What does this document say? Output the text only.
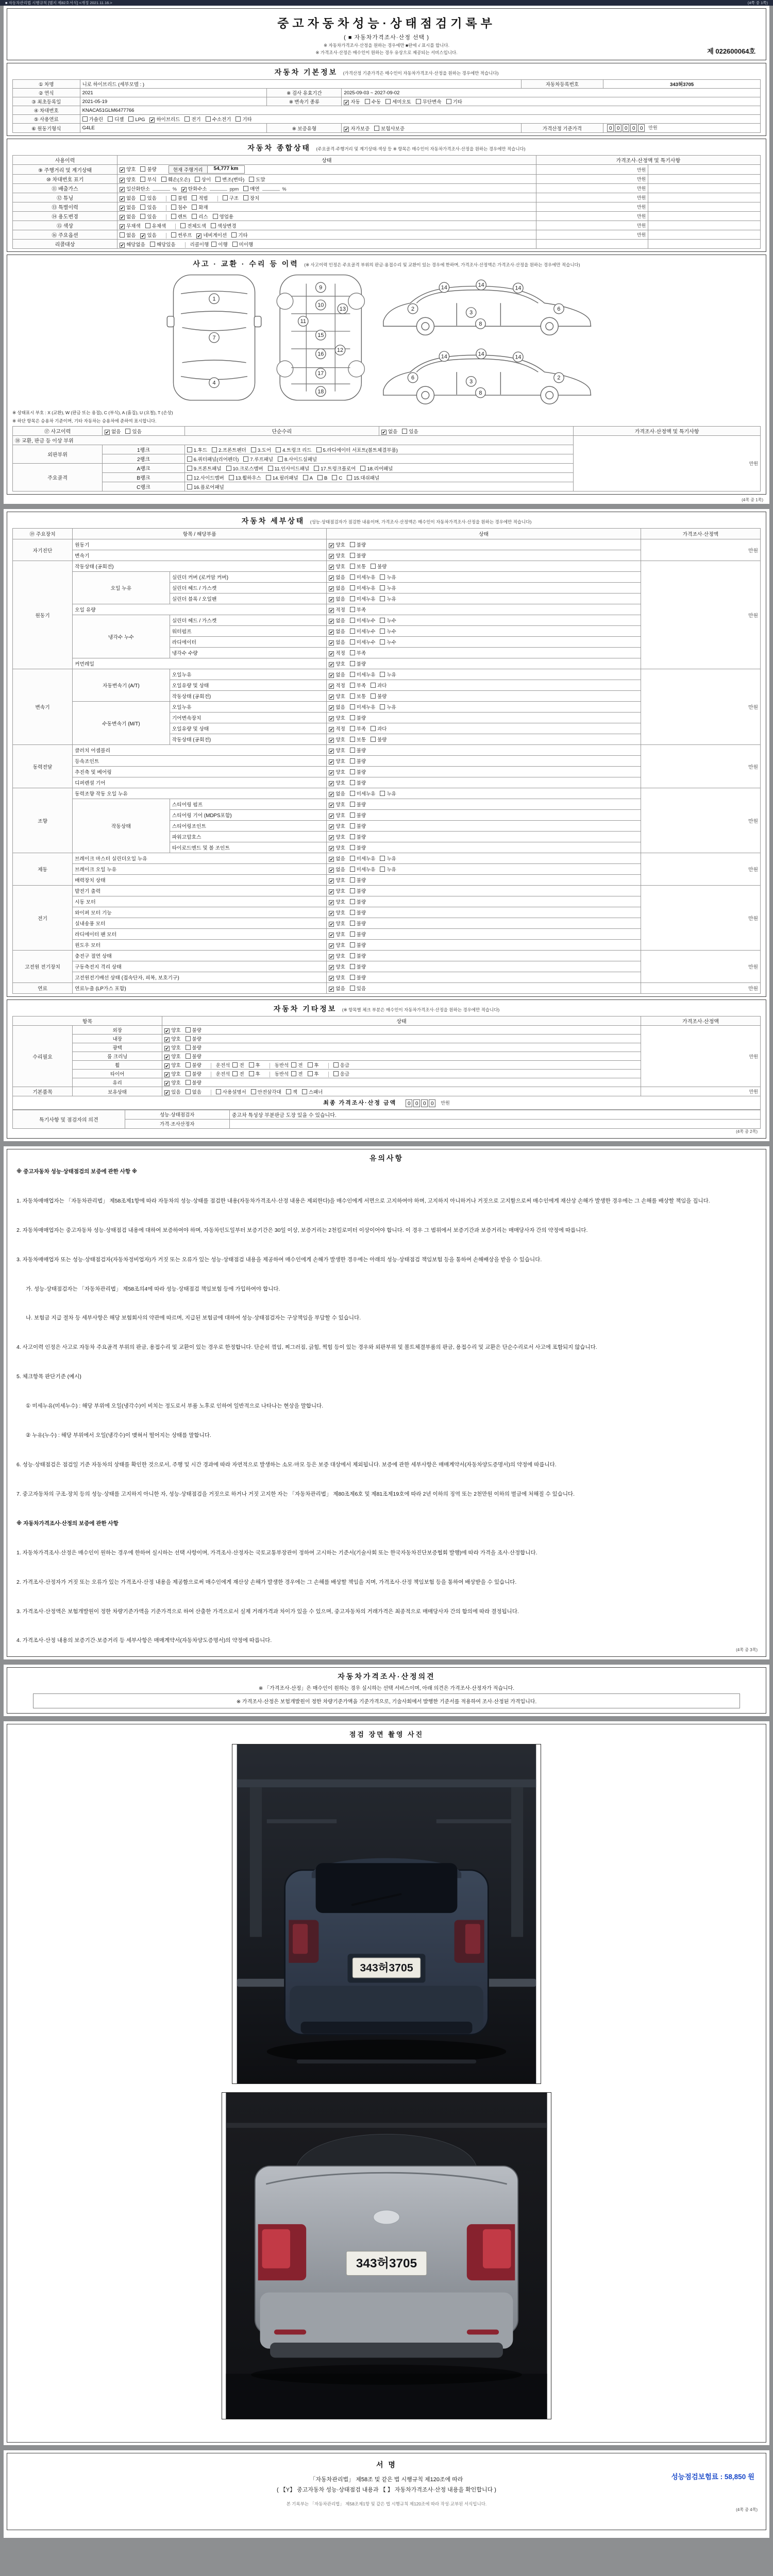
■ 자동차관리법 시행규칙 [별지 제82호서식] <개정 2021.11.16.>	(4쪽 중 1쪽)
중고자동차성능·상태점검기록부
( ■ 자동차가격조사·산정 선택 )
※ 자동차가격조사·산정을 원하는 경우에만 ■란에 √ 표시를 합니다.
※ 가격조사·산정은 매수인이 원하는 경우 유상으로 제공되는 서비스입니다.	제 022600064호
자동차 기본정보 (가격산정 기준가격은 매수인이 자동차가격조사·산정을 원하는 경우에만 적습니다)
① 차명	니로 하이브리드 (세부모델 : )			자동차등록번호	343허3705
② 연식	2021	※ 검사 유효기간	2025-09-03 ~ 2027-09-02		
③ 최초등록일	2021-05-19	※ 변속기 종류	✔ 자동 수동 세미오토 무단변속 기타		
④ 차대번호	KNACA51GLM6477766				
⑤ 사용연료	가솔린 디젤 LPG ✔ 하이브리드 전기 수소전기 기타				
⑥ 원동기형식	G4LE	※ 보증유형	✔ 자가보증 보험사보증	가격산정 기준가격	0 0 0 0 0 만원
자동차 종합상태 (주요골격·주행거리 및 계기상태·색상 등 ※ 항목은 매수인이 자동차가격조사·산정을 원하는 경우에만 적습니다)
사용이력	상태	가격조사·산정액 및 특기사항	
⑨ 주행거리 및 계기상태	✔ 양호 불량 현재 주행거리 54,777 km	만원	
⑩ 차대번호 표기	✔ 양호 부식 훼손(오손) 상이 변조(변타) 도말	만원	
⑪ 배출가스	✔ 일산화탄소 % ✔ 탄화수소 ppm 매연 %	만원	
⑫ 튜닝	✔ 없음 있음 불법 적법 구조 장치	만원	
⑬ 특별이력	✔ 없음 있음 침수 화재	만원	
⑭ 용도변경	✔ 없음 있음 렌트 리스 영업용	만원	
⑮ 색상	✔ 무채색 유채색 전체도색 색상변경	만원	
⑯ 주요옵션	없음 ✔ 있음 썬루프 ✔ 네비게이션 기타	만원	
리콜대상	✔ 해당없음 해당있음 리콜이행 이행 미이행		
사고 · 교환 · 수리 등 이력 (※ 사고이력 인정은 주요골격 부위의 판금·용접수리 및 교환이 있는 경우에 한하며, 가격조사·산정액은 가격조사·산정을 원하는 경우에만 적습니다)
1
7
4
9
10
11
13
15
16
12
17
18
2
14	14
14
3
6
8
6
14	14
14
3
2
8
※ 상태표시 부호 : X (교환), W (판금 또는 용접), C (부식), A (흠집), U (요철), T (손상)
※ 하단 항목은 승용차 기준이며, 기타 자동차는 승용차에 준하여 표시합니다.
⑰ 사고이력	✔ 없음 있음	단순수리	✔ 없음 있음	가격조사·산정액 및 특기사항
⑱ 교환, 판금 등 이상 부위				만원
외판부위	1랭크	1.후드 2.프론트펜더 3.도어 4.트렁크 리드 5.라디에이터 서포트(볼트체결부품)		
	2랭크	6.쿼터패널(리어펜더) 7.루프패널 8.사이드실패널		
주요골격	A랭크	9.프론트패널 10.크로스멤버 11.인사이드패널 17.트렁크플로어 18.리어패널		
	B랭크	12.사이드멤버 13.휠하우스 14.필러패널 A B C 15.대쉬패널		
	C랭크	16.플로어패널		
(4쪽 중 1쪽)
자동차 세부상태 (성능·상태점검자가 점검한 내용이며, 가격조사·산정액은 매수인이 자동차가격조사·산정을 원하는 경우에만 적습니다)
⑲ 주요장치	항목 / 해당부품		상태	가격조사·산정액
자기진단	원동기		✔ 양호 불량	만원
	변속기		✔ 양호 불량	
원동기	작동상태 (공회전)		✔ 양호 보통 불량	만원
	오일 누유	실린더 커버 (로커암 커버)	✔ 없음 미세누유 누유	
		실린더 헤드 / 가스켓	✔ 없음 미세누유 누유	
		실린더 블록 / 오일팬	✔ 없음 미세누유 누유	
	오일 유량		✔ 적정 부족	
	냉각수 누수	실린더 헤드 / 가스켓	✔ 없음 미세누수 누수	
		워터펌프	✔ 없음 미세누수 누수	
		라디에이터	✔ 없음 미세누수 누수	
		냉각수 수량	✔ 적정 부족	
	커먼레일		✔ 양호 불량	
변속기	자동변속기 (A/T)	오일누유	✔ 없음 미세누유 누유	만원
		오일유량 및 상태	✔ 적정 부족 과다	
		작동상태 (공회전)	✔ 양호 보통 불량	
	수동변속기 (M/T)	오일누유	✔ 없음 미세누유 누유	
		기어변속장치	✔ 양호 불량	
		오일유량 및 상태	✔ 적정 부족 과다	
		작동상태 (공회전)	✔ 양호 보통 불량	
동력전달	클러치 어셈블리		✔ 양호 불량	만원
	등속조인트		✔ 양호 불량	
	추진축 및 베어링		✔ 양호 불량	
	디퍼렌셜 기어		✔ 양호 불량	
조향	동력조향 작동 오일 누유		✔ 없음 미세누유 누유	만원
	작동상태	스티어링 펌프	✔ 양호 불량	
		스티어링 기어 (MDPS포함)	✔ 양호 불량	
		스티어링조인트	✔ 양호 불량	
		파워고압호스	✔ 양호 불량	
		타이로드엔드 및 볼 조인트	✔ 양호 불량	
제동	브레이크 마스터 실린더오일 누유		✔ 없음 미세누유 누유	만원
	브레이크 오일 누유		✔ 없음 미세누유 누유	
	배력장치 상태		✔ 양호 불량	
전기	발전기 출력		✔ 양호 불량	만원
	시동 모터		✔ 양호 불량	
	와이퍼 모터 기능		✔ 양호 불량	
	실내송풍 모터		✔ 양호 불량	
	라디에이터 팬 모터		✔ 양호 불량	
	윈도우 모터		✔ 양호 불량	
고전원 전기장치	충전구 절연 상태		✔ 양호 불량	만원
	구동축전지 격리 상태		✔ 양호 불량	
	고전원전기배선 상태 (접속단자, 피복, 보호기구)		✔ 양호 불량	
연료	연료누출 (LP가스 포함)		✔ 없음 있음	만원
자동차 기타정보 (※ 항목별 체크 부분은 매수인이 자동차가격조사·산정을 원하는 경우에만 적습니다)
항목		상태	가격조사·산정액
수리필요	외장	✔ 양호 불량	만원
	내장	✔ 양호 불량	
	광택	✔ 양호 불량	
	룸 크리닝	✔ 양호 불량	
	휠	✔ 양호 불량 운전석 전 후 동반석 전 후 응급	
	타이어	✔ 양호 불량 운전석 전 후 동반석 전 후 응급	
	유리	✔ 양호 불량	
기본품목	보유상태	✔ 있음 없음 사용설명서 안전삼각대 잭 스패너	만원
최종 가격조사·산정 금액 0 0 0 0 만원
특기사항 및 점검자의 의견	성능·상태점검자	중고차 특성상 부분판금 도장 있을 수 있습니다.
	가격·조사산정자	
(4쪽 중 2쪽)
유의사항
※ 중고자동차 성능·상태점검의 보증에 관한 사항 ※
1. 자동차매매업자는 「자동차관리법」 제58조제1항에 따라 자동차의 성능·상태를 점검한 내용(자동차가격조사·산정 내용은 제외한다)을 매수인에게 서면으로 고지하여야 하며, 고지하지 아니하거나 거짓으로 고지함으로써 매수인에게 재산상 손해가 발생한 경우에는 그 손해를 배상할 책임을 집니다.
2. 자동차매매업자는 중고자동차 성능·상태점검 내용에 대하여 보증하여야 하며, 자동차인도일부터 보증기간은 30일 이상, 보증거리는 2천킬로미터 이상이어야 합니다. 이 경우 그 범위에서 보증기간과 보증거리는 매매당사자 간의 약정에 따릅니다.
3. 자동차매매업자 또는 성능·상태점검자(자동차정비업자)가 거짓 또는 오류가 있는 성능·상태점검 내용을 제공하여 매수인에게 손해가 발생한 경우에는 아래의 성능·상태점검 책임보험 등을 통하여 손해배상을 받을 수 있습니다.
가. 성능·상태점검자는 「자동차관리법」 제58조의4에 따라 성능·상태점검 책임보험 등에 가입하여야 합니다.
나. 보험금 지급 절차 등 세부사항은 해당 보험회사의 약관에 따르며, 지급된 보험금에 대하여 성능·상태점검자는 구상책임을 부담할 수 있습니다.
4. 사고이력 인정은 사고로 자동차 주요골격 부위의 판금, 용접수리 및 교환이 있는 경우로 한정합니다. 단순히 꺾임, 찌그러짐, 긁힘, 찍힘 등이 있는 경우와 외판부위 및 볼트체결부품의 판금, 용접수리 및 교환은 단순수리로서 사고에 포함되지 않습니다.
5. 체크항목 판단기준 (예시)
① 미세누유(미세누수) : 해당 부위에 오일(냉각수)이 비치는 정도로서 부품 노후로 인하여 일반적으로 나타나는 현상을 말합니다.
② 누유(누수) : 해당 부위에서 오일(냉각수)이 맺혀서 떨어지는 상태를 말합니다.
6. 성능·상태점검은 점검일 기준 자동차의 상태를 확인한 것으로서, 주행 및 시간 경과에 따라 자연적으로 발생하는 소모·마모 등은 보증 대상에서 제외됩니다. 보증에 관한 세부사항은 매매계약서(자동차양도증명서)의 약정에 따릅니다.
7. 중고자동차의 구조·장치 등의 성능·상태를 고지하지 아니한 자, 성능·상태점검을 거짓으로 하거나 거짓 고지한 자는 「자동차관리법」 제80조제6호 및 제81조제19호에 따라 2년 이하의 징역 또는 2천만원 이하의 벌금에 처해질 수 있습니다.
※ 자동차가격조사·산정의 보증에 관한 사항
1. 자동차가격조사·산정은 매수인이 원하는 경우에 한하여 실시하는 선택 사항이며, 가격조사·산정자는 국토교통부장관이 정하여 고시하는 기준서(기술사회 또는 한국자동차진단보증협회 발행)에 따라 가격을 조사·산정합니다.
2. 가격조사·산정자가 거짓 또는 오류가 있는 가격조사·산정 내용을 제공함으로써 매수인에게 재산상 손해가 발생한 경우에는 그 손해를 배상할 책임을 지며, 가격조사·산정 책임보험 등을 통하여 배상받을 수 있습니다.
3. 가격조사·산정액은 보험개발원이 정한 차량기준가액을 기준가격으로 하여 산출한 가격으로서 실제 거래가격과 차이가 있을 수 있으며, 중고자동차의 거래가격은 최종적으로 매매당사자 간의 합의에 따라 결정됩니다.
4. 가격조사·산정 내용의 보증기간·보증거리 등 세부사항은 매매계약서(자동차양도증명서)의 약정에 따릅니다.
(4쪽 중 3쪽)
자동차가격조사·산정의견
※ 「가격조사·산정」은 매수인이 원하는 경우 실시하는 선택 서비스이며, 아래 의견은 가격조사·산정자가 적습니다.
※ 가격조사·산정은 보험개발원이 정한 차량기준가액을 기준가격으로, 기술사회에서 발행한 기준서를 적용하여 조사·산정된 가격입니다.
점검 장면 촬영 사진
343허3705
343허3705
서 명
성능점검보험료 : 58,850 원
「자동차관리법」 제58조 및 같은 법 시행규칙 제120조에 따라
( 【Y】 중고자동차 성능·상태점검 내용과 【 】 자동차가격조사·산정 내용을 확인합니다 )
본 기록부는 「자동차관리법」 제58조제1항 및 같은 법 시행규칙 제120조에 따라 작성·교부된 서식입니다.
(4쪽 중 4쪽)
